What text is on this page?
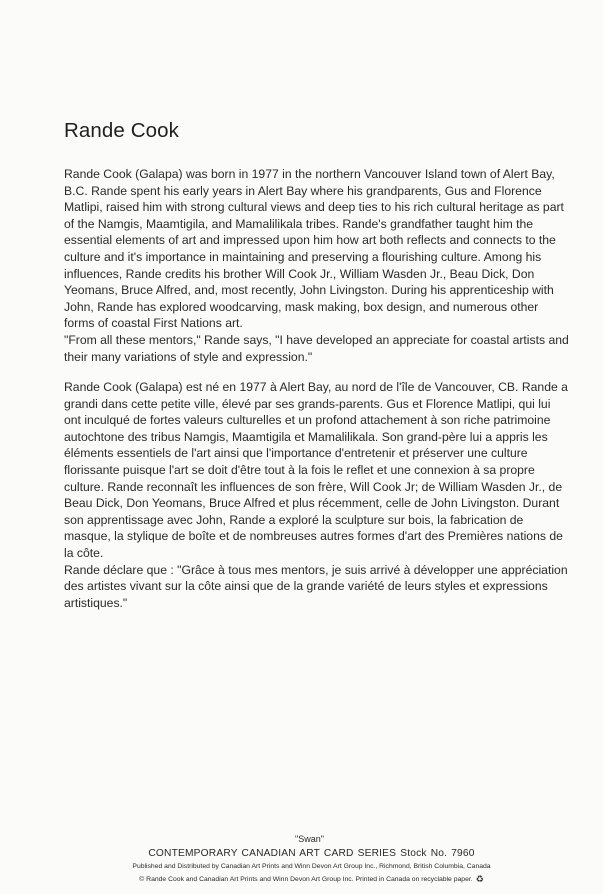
Rande Cook

Rande Cook (Galapa) was born in 1977 in the northern Vancouver Island town of Alert Bay, B.C. Rande spent his early years in Alert Bay where his grandparents, Gus and Florence Matlipi, raised him with strong cultural views and deep ties to his rich cultural heritage as part of the Namgis, Maamtigila, and Mamalilikala tribes. Rande's grandfather taught him the essential elements of art and impressed upon him how art both reflects and connects to the culture and it's importance in maintaining and preserving a flourishing culture. Among his influences, Rande credits his brother Will Cook Jr., William Wasden Jr., Beau Dick, Don Yeomans, Bruce Alfred, and, most recently, John Livingston. During his apprenticeship with John, Rande has explored woodcarving, mask making, box design, and numerous other forms of coastal First Nations art.

"From all these mentors," Rande says, "I have developed an appreciate for coastal artists and their many variations of style and expression."

Rande Cook (Galapa) est né en 1977 à Alert Bay, au nord de l'île de Vancouver, CB. Rande a grandi dans cette petite ville, élevé par ses grands-parents. Gus et Florence Matlipi, qui lui ont inculqué de fortes valeurs culturelles et un profond attachement à son riche patrimoine autochtone des tribus Namgis, Maamtigila et Mamalilikala. Son grand-père lui a appris les éléments essentiels de l'art ainsi que l'importance d'entretenir et préserver une culture florissante puisque l'art se doit d'être tout à la fois le reflet et une connexion à sa propre culture. Rande reconnaît les influences de son frère, Will Cook Jr; de William Wasden Jr., de Beau Dick, Don Yeomans, Bruce Alfred et plus récemment, celle de John Livingston. Durant son apprentissage avec John, Rande a exploré la sculpture sur bois, la fabrication de masque, la stylique de boîte et de nombreuses autres formes d'art des Premières nations de la côte.

Rande déclare que : "Grâce à tous mes mentors, je suis arrivé à développer une appréciation des artistes vivant sur la côte ainsi que de la grande variété de leurs styles et expressions artistiques."

"Swan"
CONTEMPORARY CANADIAN ART CARD SERIES Stock No. 7960
Published and Distributed by Canadian Art Prints and Winn Devon Art Group Inc., Richmond, British Columbia, Canada
© Rande Cook and Canadian Art Prints and Winn Devon Art Group Inc. Printed in Canada on recyclable paper. ♻
